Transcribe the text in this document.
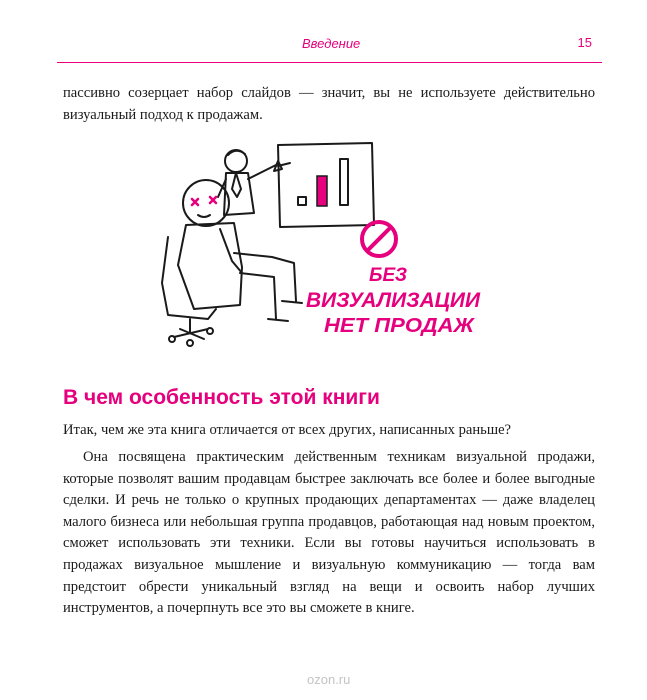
Введение	15

пассивно созерцает набор слайдов — значит, вы не используете действительно визуальный подход к продажам.

БЕЗ
ВИЗУАЛИЗАЦИИ
НЕТ ПРОДАЖ
В чем особенность этой книги

Итак, чем же эта книга отличается от всех других, написанных раньше?

Она посвящена практическим действенным техникам визуальной продажи, которые позволят вашим продавцам быстрее заключать все более и более выгодные сделки. И речь не только о крупных продающих департаментах — даже владелец малого бизнеса или небольшая группа продавцов, работающая над новым проектом, сможет использовать эти техники. Если вы готовы научиться использовать в продажах визуальное мышление и визуальную коммуникацию — тогда вам предстоит обрести уникальный взгляд на вещи и освоить набор лучших инструментов, а почерпнуть все это вы сможете в книге.

ozon.ru
